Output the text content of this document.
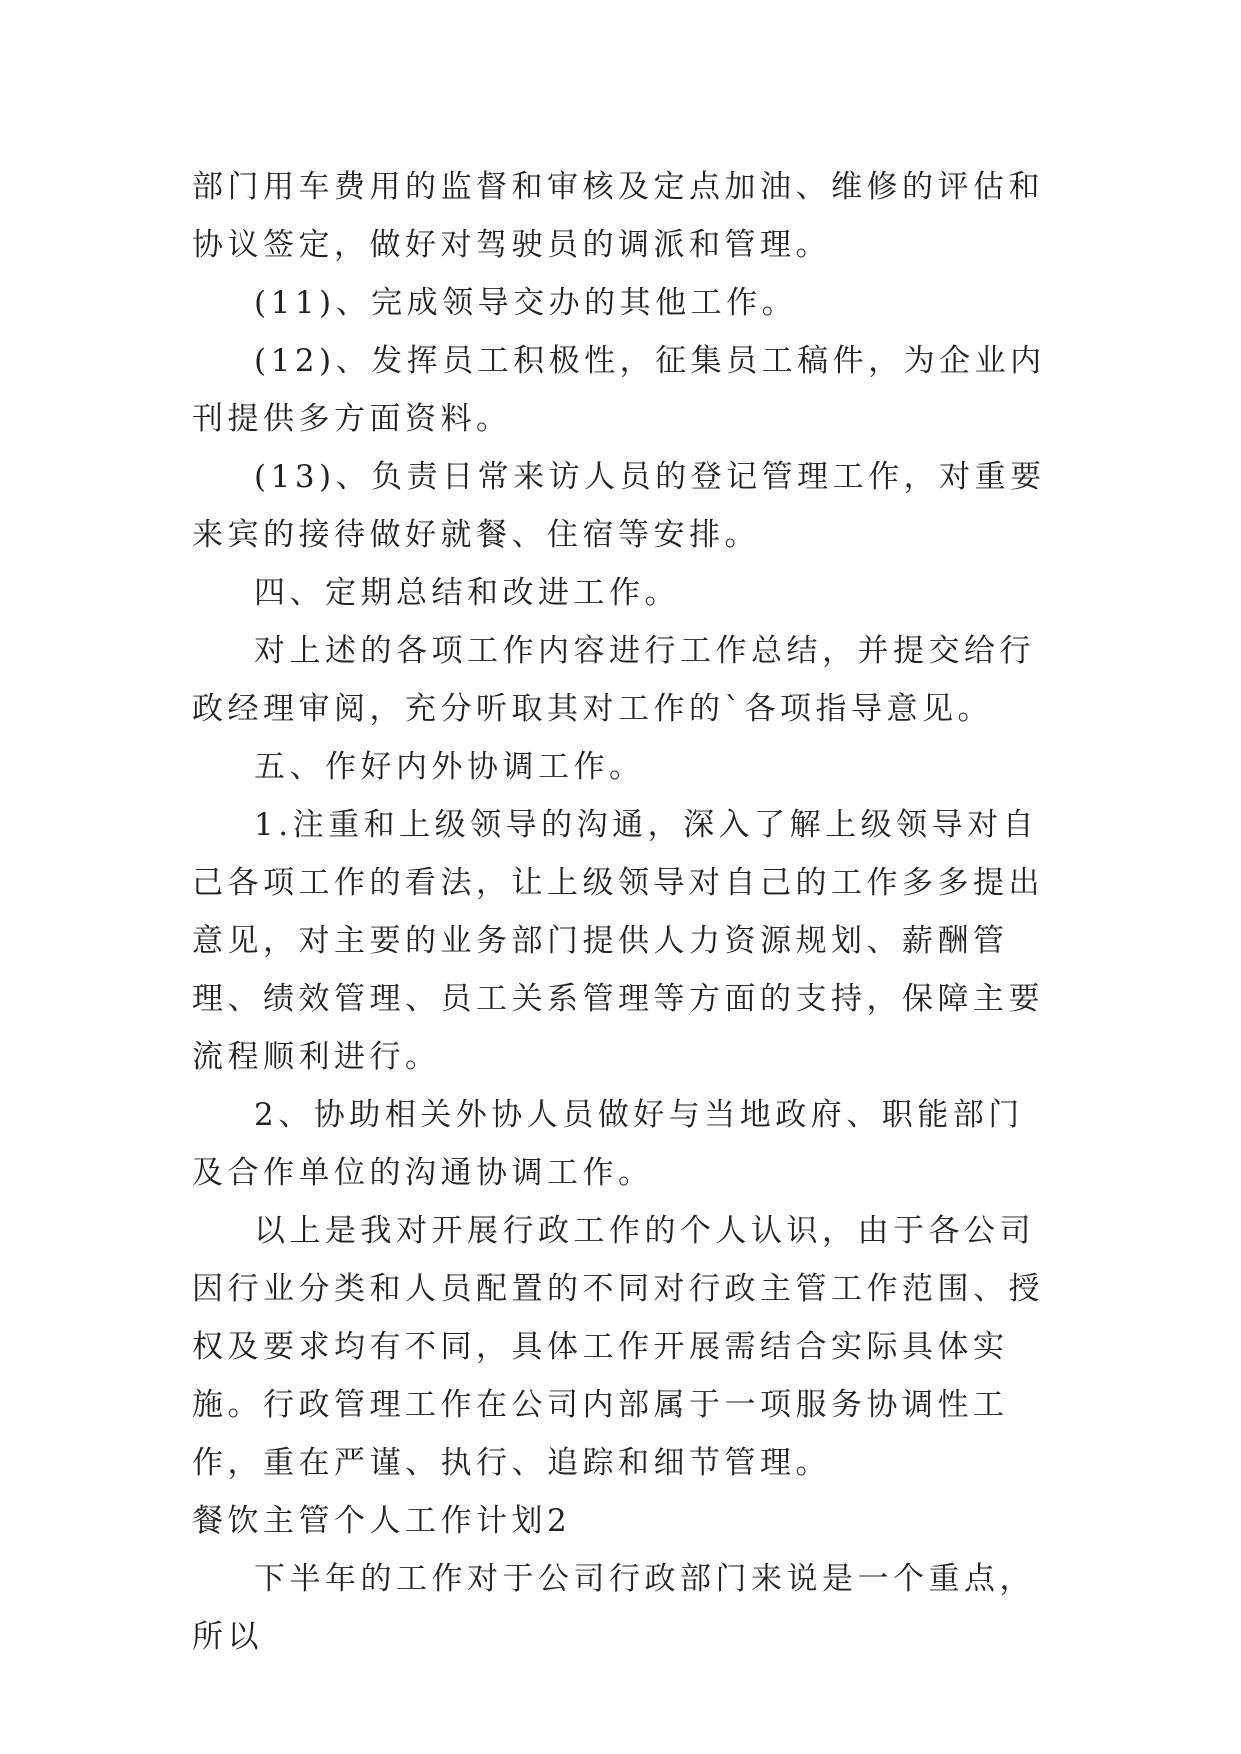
部门用车费用的监督和审核及定点加油、维修的评估和协议签定，做好对驾驶员的调派和管理。

(11)、完成领导交办的其他工作。

(12)、发挥员工积极性，征集员工稿件，为企业内刊提供多方面资料。

(13)、负责日常来访人员的登记管理工作，对重要来宾的接待做好就餐、住宿等安排。

四、定期总结和改进工作。

对上述的各项工作内容进行工作总结，并提交给行政经理审阅，充分听取其对工作的`各项指导意见。

五、作好内外协调工作。

1.注重和上级领导的沟通，深入了解上级领导对自己各项工作的看法，让上级领导对自己的工作多多提出意见，对主要的业务部门提供人力资源规划、薪酬管理、绩效管理、员工关系管理等方面的支持，保障主要流程顺利进行。

2、协助相关外协人员做好与当地政府、职能部门及合作单位的沟通协调工作。

以上是我对开展行政工作的个人认识，由于各公司因行业分类和人员配置的不同对行政主管工作范围、授权及要求均有不同，具体工作开展需结合实际具体实施。行政管理工作在公司内部属于一项服务协调性工作，重在严谨、执行、追踪和细节管理。

餐饮主管个人工作计划2

下半年的工作对于公司行政部门来说是一个重点，所以
